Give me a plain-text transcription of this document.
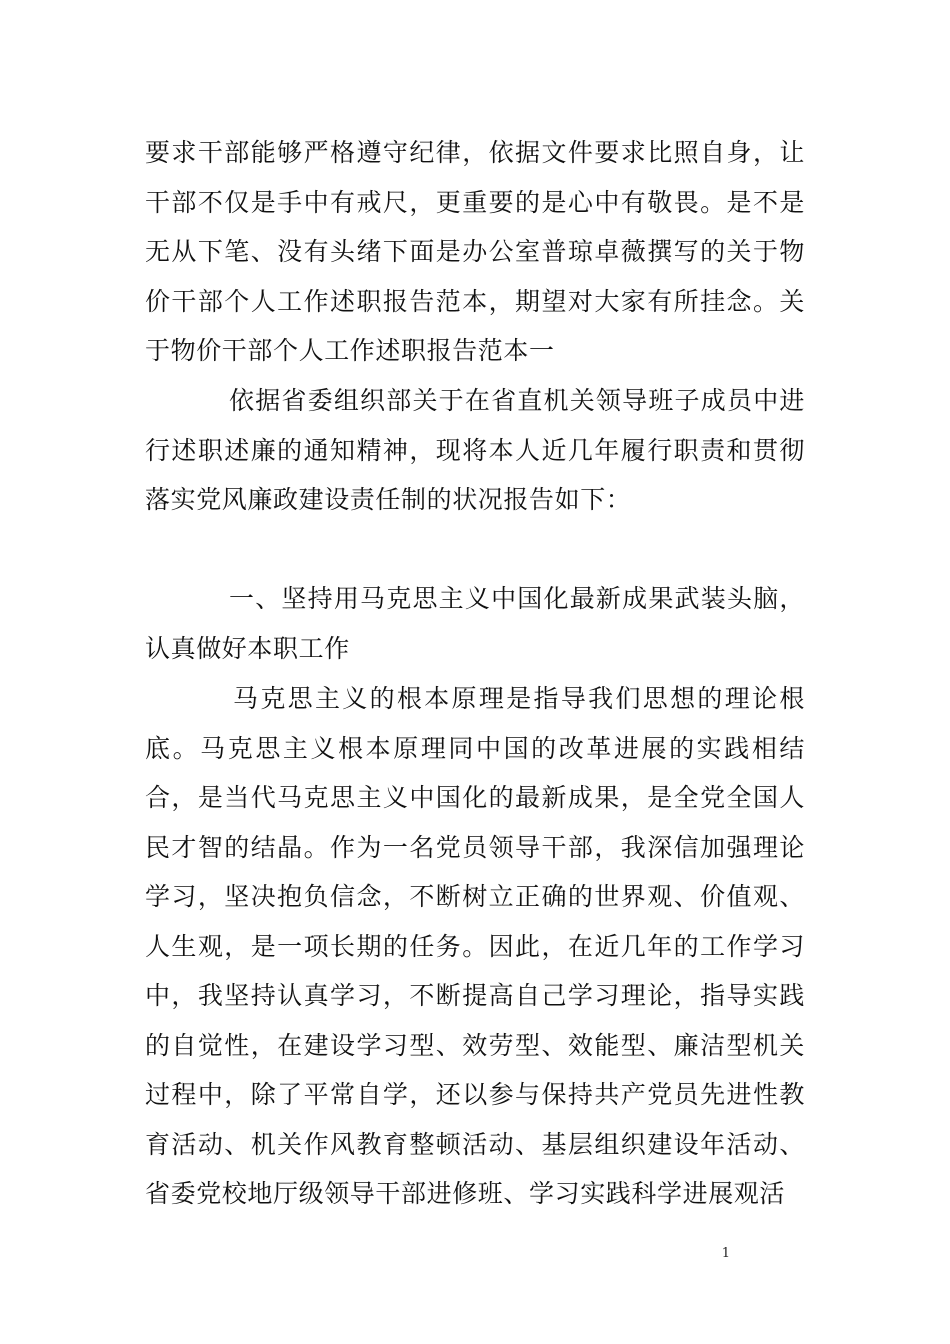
要求干部能够严格遵守纪律，依据文件要求比照自身，让干部不仅是手中有戒尺，更重要的是心中有敬畏。是不是无从下笔、没有头绪下面是办公室普琼卓薇撰写的关于物价干部个人工作述职报告范本，期望对大家有所挂念。关于物价干部个人工作述职报告范本一

依据省委组织部关于在省直机关领导班子成员中进行述职述廉的通知精神，现将本人近几年履行职责和贯彻落实党风廉政建设责任制的状况报告如下：

一、坚持用马克思主义中国化最新成果武装头脑，认真做好本职工作

马克思主义的根本原理是指导我们思想的理论根底。马克思主义根本原理同中国的改革进展的实践相结合，是当代马克思主义中国化的最新成果，是全党全国人民才智的结晶。作为一名党员领导干部，我深信加强理论学习，坚决抱负信念，不断树立正确的世界观、价值观、人生观，是一项长期的任务。因此，在近几年的工作学习中，我坚持认真学习，不断提高自己学习理论，指导实践的自觉性，在建设学习型、效劳型、效能型、廉洁型机关过程中，除了平常自学，还以参与保持共产党员先进性教育活动、机关作风教育整顿活动、基层组织建设年活动、省委党校地厅级领导干部进修班、学习实践科学进展观活

1
